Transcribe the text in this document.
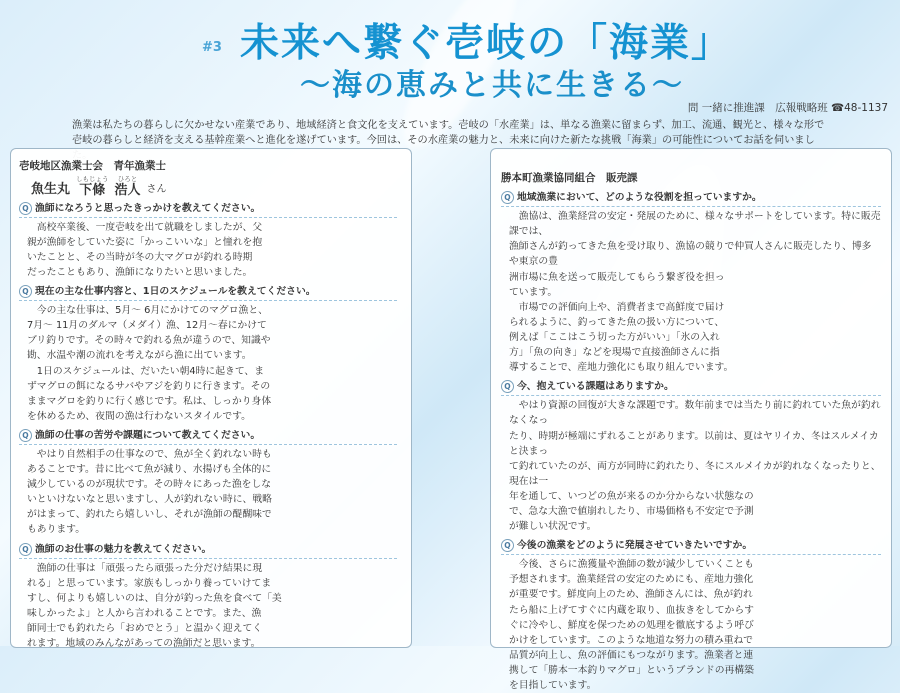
#3 未来へ繋ぐ壱岐の「海業」
〜海の恵みと共に生きる〜
問 一緒に推進課　広報戦略班 ☎48-1137
漁業は私たちの暮らしに欠かせない産業であり、地域経済と食文化を支えています。壱岐の「水産業」は、単なる漁業に留まらず、加工、流通、観光と、様々な形で壱岐の暮らしと経済を支える基幹産業へと進化を遂げています。今回は、その水産業の魅力と、未来に向けた新たな挑戦「海業」の可能性についてお話を伺いまし
壱岐地区漁業士会　青年漁業士
魚生丸
しもじょう
下條
ひろと
浩人 さん
Q 漁師になろうと思ったきっかけを教えてください。
　高校卒業後、一度壱岐を出て就職をしましたが、父
親が漁師をしていた姿に「かっこいいな」と憧れを抱
いたことと、その当時が冬の大マグロが釣れる時期
だったこともあり、漁師になりたいと思いました。
Q 現在の主な仕事内容と、1日のスケジュールを教えてください。
　今の主な仕事は、5月～ 6月にかけてのマグロ漁と、
7月～ 11月のダルマ（メダイ）漁、12月～春にかけて
ブリ釣りです。その時々で釣れる魚が違うので、知識や
勘、水温や潮の流れを考えながら漁に出ています。
　1日のスケジュールは、だいたい朝4時に起きて、ま
ずマグロの餌になるサバやアジを釣りに行きます。その
ままマグロを釣りに行く感じです。私は、しっかり身体
を休めるため、夜間の漁は行わないスタイルです。
Q 漁師の仕事の苦労や課題について教えてください。
　やはり自然相手の仕事なので、魚が全く釣れない時も
あることです。昔に比べて魚が減り、水揚げも全体的に
減少しているのが現状です。その時々にあった漁をしな
いといけないなと思いますし、人が釣れない時に、戦略
がはまって、釣れたら嬉しいし、それが漁師の醍醐味で
もあります。
Q 漁師のお仕事の魅力を教えてください。
　漁師の仕事は「頑張ったら頑張った分だけ結果に現
れる」と思っています。家族もしっかり養っていけてま
すし、何よりも嬉しいのは、自分が釣った魚を食べて「美
味しかったよ」と人から言われることです。また、漁
師同士でも釣れたら「おめでとう」と温かく迎えてく
れます。地域のみんながあっての漁師だと思います。
勝本町漁業協同組合　販売課
Q 地域漁業において、どのような役割を担っていますか。
　漁協は、漁業経営の安定・発展のために、様々なサポートをしています。特に販売課では、
漁師さんが釣ってきた魚を受け取り、漁協の競りで仲買人さんに販売したり、博多や東京の豊
洲市場に魚を送って販売してもらう繋ぎ役を担っ
ています。
　市場での評価向上や、消費者まで高鮮度で届け
られるように、釣ってきた魚の扱い方について、
例えば「ここはこう切った方がいい」「氷の入れ
方」「魚の向き」などを現場で直接漁師さんに指
導することで、産地力強化にも取り組んでいます。
Q 今、抱えている課題はありますか。
　やはり資源の回復が大きな課題です。数年前までは当たり前に釣れていた魚が釣れなくなっ
たり、時期が極端にずれることがあります。以前は、夏はヤリイカ、冬はスルメイカと決まっ
て釣れていたのが、両方が同時に釣れたり、冬にスルメイカが釣れなくなったりと、現在は一
年を通して、いつどの魚が来るのか分からない状態なの
で、急な大漁で値崩れしたり、市場価格も不安定で予測
が難しい状況です。
Q 今後の漁業をどのように発展させていきたいですか。
　今後、さらに漁獲量や漁師の数が減少していくことも
予想されます。漁業経営の安定のためにも、産地力強化
が重要です。鮮度向上のため、漁師さんには、魚が釣れ
たら船に上げてすぐに内蔵を取り、血抜きをしてからす
ぐに冷やし、鮮度を保つための処理を徹底するよう呼び
かけをしています。このような地道な努力の積み重ねで
品質が向上し、魚の評価にもつながります。漁業者と連
携して「勝本一本釣りマグロ」というブランドの再構築
を目指しています。
